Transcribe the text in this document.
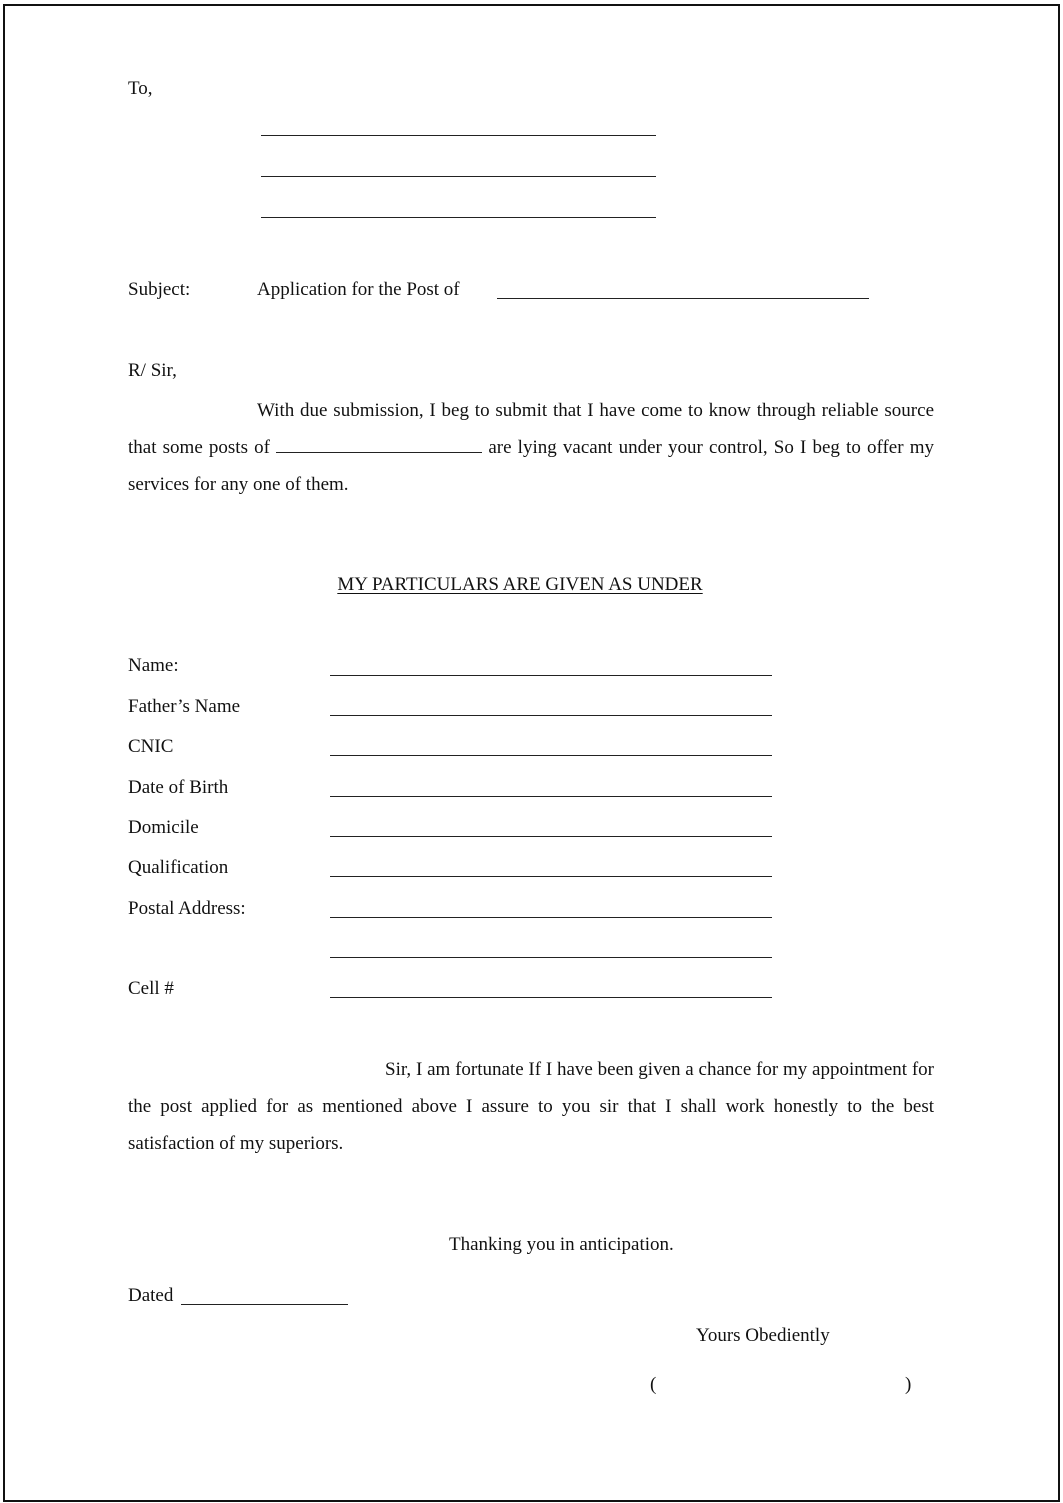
To,
Subject:	Application for the Post of
R/ Sir,
With due submission, I beg to submit that I have come to know through reliable source that some posts of	are lying vacant under your control, So I beg to offer my services for any one of them.
MY PARTICULARS ARE GIVEN AS UNDER
Name:
Father’s Name
CNIC
Date of Birth
Domicile
Qualification
Postal Address:
Cell #
Sir, I am fortunate If I have been given a chance for my appointment for the post applied for as mentioned above I assure to you sir that I shall work honestly to the best satisfaction of my superiors.
Thanking you in anticipation.
Dated
Yours Obediently
(	)
